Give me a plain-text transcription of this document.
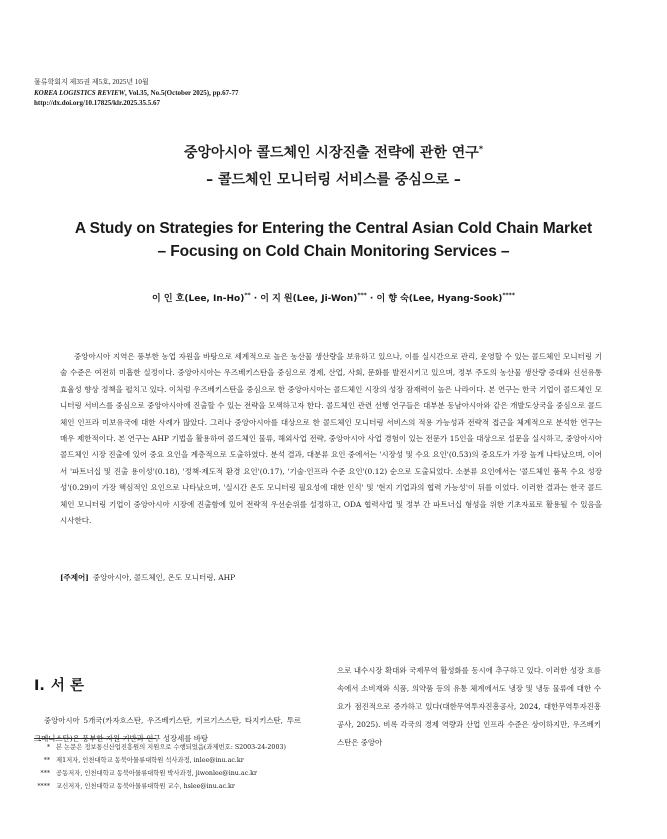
물류학회지 제35권 제5호, 2025년 10월
KOREA LOGISTICS REVIEW, Vol.35, No.5(October 2025), pp.67-77
http://dx.doi.org/10.17825/klr.2025.35.5.67
중앙아시아 콜드체인 시장진출 전략에 관한 연구*
– 콜드체인 모니터링 서비스를 중심으로 –
A Study on Strategies for Entering the Central Asian Cold Chain Market
– Focusing on Cold Chain Monitoring Services –
이 인 호(Lee, In-Ho)** · 이 지 원(Lee, Ji-Won)*** · 이 향 숙(Lee, Hyang-Sook)****

중앙아시아 지역은 풍부한 농업 자원을 바탕으로 세계적으로 높은 농산물 생산량을 보유하고 있으나, 이를 실시간으로 관리, 운영할 수 있는 콜드체인 모니터링 기술 수준은 여전히 미흡한 실정이다. 중앙아시아는 우즈베키스탄을 중심으로 경제, 산업, 사회, 문화를 발전시키고 있으며, 정부 주도의 농산물 생산량 증대와 신선유통 효율성 향상 정책을 펼치고 있다. 이처럼 우즈베키스탄을 중심으로 한 중앙아시아는 콜드체인 시장의 성장 잠재력이 높은 나라이다. 본 연구는 한국 기업이 콜드체인 모니터링 서비스를 중심으로 중앙아시아에 진출할 수 있는 전략을 모색하고자 한다. 콜드체인 관련 선행 연구들은 대부분 동남아시아와 같은 개발도상국을 중심으로 콜드체인 인프라 미보유국에 대한 사례가 많았다. 그러나 중앙아시아를 대상으로 한 콜드체인 모니터링 서비스의 적용 가능성과 전략적 접근을 체계적으로 분석한 연구는 매우 제한적이다. 본 연구는 AHP 기법을 활용하여 콜드체인 물류, 해외사업 전략, 중앙아시아 사업 경험이 있는 전문가 15인을 대상으로 설문을 실시하고, 중앙아시아 콜드체인 시장 진출에 있어 중요 요인을 계층적으로 도출하였다. 분석 결과, 대분류 요인 중에서는 '시장성 및 수요 요인'(0.53)의 중요도가 가장 높게 나타났으며, 이어서 '파트너십 및 진출 용이성'(0.18), '정책·제도적 환경 요인'(0.17), '기술·인프라 수준 요인'(0.12) 순으로 도출되었다. 소분류 요인에서는 '콜드체인 품목 수요 성장성'(0.29)이 가장 핵심적인 요인으로 나타났으며, '실시간 온도 모니터링 필요성에 대한 인식' 및 '현지 기업과의 협력 가능성'이 뒤를 이었다. 이러한 결과는 한국 콜드체인 모니터링 기업이 중앙아시아 시장에 진출함에 있어 전략적 우선순위를 설정하고, ODA 협력사업 및 정부 간 파트너십 형성을 위한 기초자료로 활용될 수 있음을 시사한다.

[주제어] 중앙아시아, 콜드체인, 온도 모니터링, AHP
I. 서 론

중앙아시아 5개국(카자흐스탄, 우즈베키스탄, 키르기스스탄, 타지키스탄, 투르크메니스탄)은 풍부한 자원 기반과 인구 성장세를 바탕

으로 내수시장 확대와 국제무역 활성화를 동시에 추구하고 있다. 이러한 성장 흐름 속에서 소비재와 식품, 의약품 등의 유통 체계에서도 냉장 및 냉동 물류에 대한 수요가 점진적으로 증가하고 있다(대한무역투자진흥공사, 2024, 대한무역투자진흥공사, 2025). 비록 각국의 경제 역량과 산업 인프라 수준은 상이하지만, 우즈베키스탄은 중앙아

* 본 논문은 정보통신산업진흥원의 지원으로 수행되었음(과제번호: S2003-24-2003)
** 제1저자, 인천대학교 동북아물류대학원 석사과정, inlee@inu.ac.kr
*** 공동저자, 인천대학교 동북아물류대학원 박사과정, jiwonlee@inu.ac.kr
**** 교신저자, 인천대학교 동북아물류대학원 교수, hslee@inu.ac.kr
